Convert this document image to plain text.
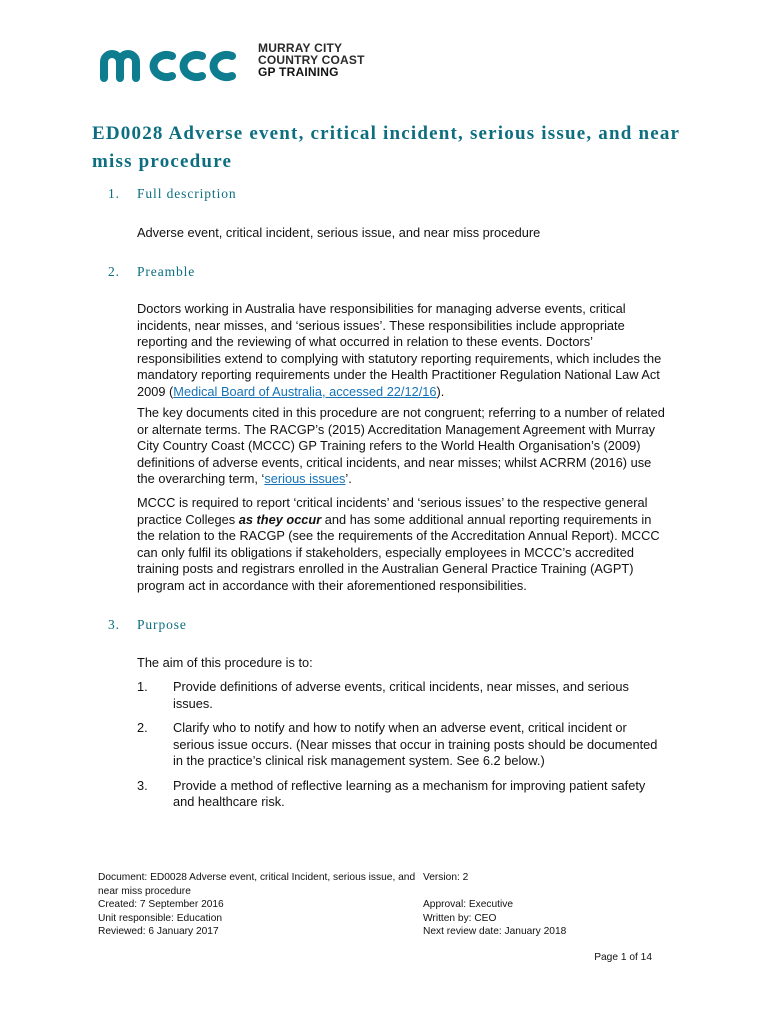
MURRAY CITY
COUNTRY COAST
GP TRAINING
ED0028 Adverse event, critical incident, serious issue, and near miss procedure
1. Full description

Adverse event, critical incident, serious issue, and near miss procedure

2. Preamble

Doctors working in Australia have responsibilities for managing adverse events, critical incidents, near misses, and ‘serious issues’. These responsibilities include appropriate reporting and the reviewing of what occurred in relation to these events. Doctors’ responsibilities extend to complying with statutory reporting requirements, which includes the mandatory reporting requirements under the Health Practitioner Regulation National Law Act 2009 (Medical Board of Australia, accessed 22/12/16).

The key documents cited in this procedure are not congruent; referring to a number of related or alternate terms. The RACGP’s (2015) Accreditation Management Agreement with Murray City Country Coast (MCCC) GP Training refers to the World Health Organisation’s (2009) definitions of adverse events, critical incidents, and near misses; whilst ACRRM (2016) use the overarching term, ‘serious issues’.

MCCC is required to report ‘critical incidents’ and ‘serious issues’ to the respective general practice Colleges as they occur and has some additional annual reporting requirements in the relation to the RACGP (see the requirements of the Accreditation Annual Report). MCCC can only fulfil its obligations if stakeholders, especially employees in MCCC’s accredited training posts and registrars enrolled in the Australian General Practice Training (AGPT) program act in accordance with their aforementioned responsibilities.

3. Purpose

The aim of this procedure is to:

1. Provide definitions of adverse events, critical incidents, near misses, and serious issues.
2. Clarify who to notify and how to notify when an adverse event, critical incident or serious issue occurs. (Near misses that occur in training posts should be documented in the practice’s clinical risk management system. See 6.2 below.)
3. Provide a method of reflective learning as a mechanism for improving patient safety and healthcare risk.
Document: ED0028 Adverse event, critical Incident, serious issue, and near miss procedure
Created: 7 September 2016
Unit responsible: Education
Reviewed: 6 January 2017
Version: 2
Approval: Executive
Written by: CEO
Next review date: January 2018
Page 1 of 14
